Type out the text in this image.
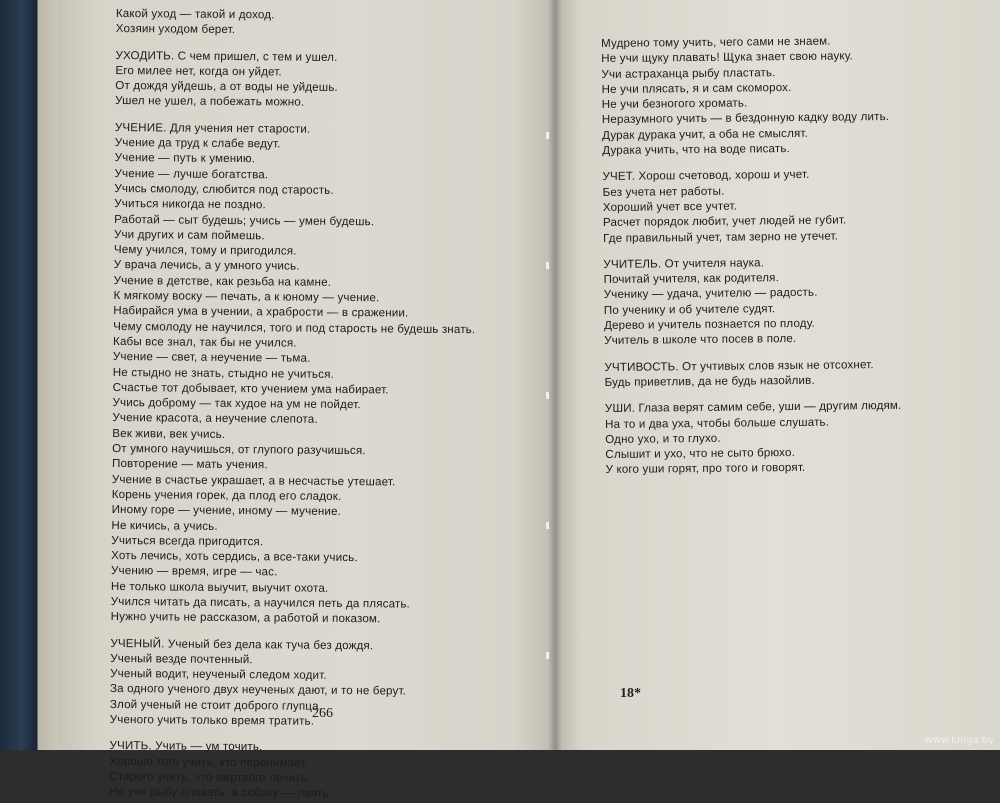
Какой уход — такой и доход.
Хозяин уходом берет.
УХОДИТЬ. С чем пришел, с тем и ушел.
Его милее нет, когда он уйдет.
От дождя уйдешь, а от воды не уйдешь.
Ушел не ушел, а побежать можно.
УЧЕНИЕ. Для учения нет старости.
Учение да труд к слабе ведут.
Учение — путь к умению.
Учение — лучше богатства.
Учись смолоду, слюбится под старость.
Учиться никогда не поздно.
Работай — сыт будешь; учись — умен будешь.
Учи других и сам поймешь.
Чему учился, тому и пригодился.
У врача лечись, а у умного учись.
Учение в детстве, как резьба на камне.
К мягкому воску — печать, а к юному — учение.
Набирайся ума в учении, а храбрости — в сражении.
Чему смолоду не научился, того и под старость не будешь знать.
Кабы все знал, так бы не учился.
Учение — свет, а неучение — тьма.
Не стыдно не знать, стыдно не учиться.
Счастье тот добывает, кто учением ума набирает.
Учись доброму — так худое на ум не пойдет.
Учение красота, а неучение слепота.
Век живи, век учись.
От умного научишься, от глупого разучишься.
Повторение — мать учения.
Учение в счастье украшает, а в несчастье утешает.
Корень учения горек, да плод его сладок.
Иному горе — учение, иному — мучение.
Не кичись, а учись.
Учиться всегда пригодится.
Хоть лечись, хоть сердись, а все-таки учись.
Учению — время, игре — час.
Не только школа выучит, выучит охота.
Учился читать да писать, а научился петь да плясать.
Нужно учить не рассказом, а работой и показом.
УЧЕНЫЙ. Ученый без дела как туча без дождя.
Ученый везде почтенный.
Ученый водит, неученый следом ходит.
За одного ученого двух неученых дают, и то не берут.
Злой ученый не стоит доброго глупца.
Ученого учить только время тратить.
УЧИТЬ. Учить — ум точить.
Хорошо того учить, кто перенимает.
Старого учить, что мертвого лечить.
Не учи рыбу плавать, а собаку — лаять.
266
Мудрено тому учить, чего сами не знаем.
Не учи щуку плавать! Щука знает свою науку.
Учи астраханца рыбу пластать.
Не учи плясать, я и сам скоморох.
Не учи безногого хромать.
Неразумного учить — в бездонную кадку воду лить.
Дурак дурака учит, а оба не смыслят.
Дурака учить, что на воде писать.
УЧЕТ. Хорош счетовод, хорош и учет.
Без учета нет работы.
Хороший учет все учтет.
Расчет порядок любит, учет людей не губит.
Где правильный учет, там зерно не утечет.
УЧИТЕЛЬ. От учителя наука.
Почитай учителя, как родителя.
Ученику — удача, учителю — радость.
По ученику и об учителе судят.
Дерево и учитель познается по плоду.
Учитель в школе что посев в поле.
УЧТИВОСТЬ. От учтивых слов язык не отсохнет.
Будь приветлив, да не будь назойлив.
УШИ. Глаза верят самим себе, уши — другим людям.
На то и два уха, чтобы больше слушать.
Одно ухо, и то глухо.
Слышит и ухо, что не сыто брюхо.
У кого уши горят, про того и говорят.
18*
www.kniga.by
